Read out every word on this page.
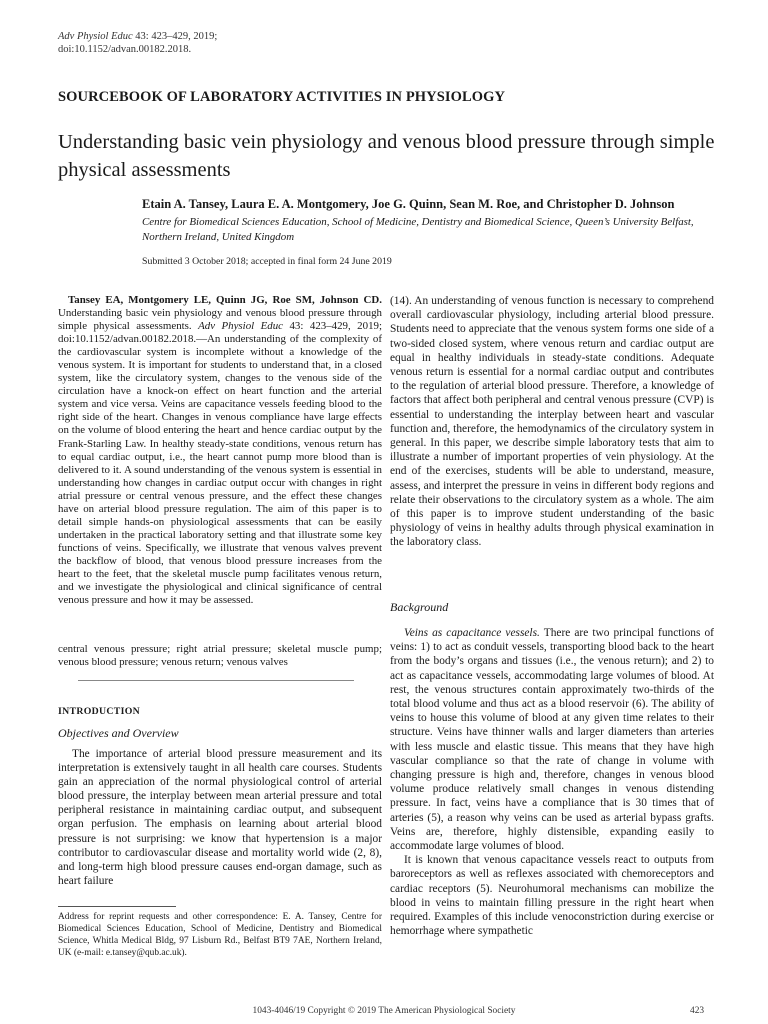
Adv Physiol Educ 43: 423–429, 2019;
doi:10.1152/advan.00182.2018.
SOURCEBOOK OF LABORATORY ACTIVITIES IN PHYSIOLOGY
Understanding basic vein physiology and venous blood pressure through simple physical assessments
Etain A. Tansey, Laura E. A. Montgomery, Joe G. Quinn, Sean M. Roe, and Christopher D. Johnson
Centre for Biomedical Sciences Education, School of Medicine, Dentistry and Biomedical Science, Queen’s University Belfast, Northern Ireland, United Kingdom
Submitted 3 October 2018; accepted in final form 24 June 2019

Tansey EA, Montgomery LE, Quinn JG, Roe SM, Johnson CD. Understanding basic vein physiology and venous blood pressure through simple physical assessments. Adv Physiol Educ 43: 423–429, 2019; doi:10.1152/advan.00182.2018.—An understanding of the complexity of the cardiovascular system is incomplete without a knowledge of the venous system. It is important for students to understand that, in a closed system, like the circulatory system, changes to the venous side of the circulation have a knock-on effect on heart function and the arterial system and vice versa. Veins are capacitance vessels feeding blood to the right side of the heart. Changes in venous compliance have large effects on the volume of blood entering the heart and hence cardiac output by the Frank-Starling Law. In healthy steady-state conditions, venous return has to equal cardiac output, i.e., the heart cannot pump more blood than is delivered to it. A sound understanding of the venous system is essential in understanding how changes in cardiac output occur with changes in right atrial pressure or central venous pressure, and the effect these changes have on arterial blood pressure regulation. The aim of this paper is to detail simple hands-on physiological assessments that can be easily undertaken in the practical laboratory setting and that illustrate some key functions of veins. Specifically, we illustrate that venous valves prevent the backflow of blood, that venous blood pressure increases from the heart to the feet, that the skeletal muscle pump facilitates venous return, and we investigate the physiological and clinical significance of central venous pressure and how it may be assessed.

central venous pressure; right atrial pressure; skeletal muscle pump; venous blood pressure; venous return; venous valves
INTRODUCTION
Objectives and Overview

The importance of arterial blood pressure measurement and its interpretation is extensively taught in all health care courses. Students gain an appreciation of the normal physiological control of arterial blood pressure, the interplay between mean arterial pressure and total peripheral resistance in maintaining cardiac output, and subsequent organ perfusion. The emphasis on learning about arterial blood pressure is not surprising: we know that hypertension is a major contributor to cardiovascular disease and mortality world wide (2, 8), and long-term high blood pressure causes end-organ damage, such as heart failure

Address for reprint requests and other correspondence: E. A. Tansey, Centre for Biomedical Sciences Education, School of Medicine, Dentistry and Biomedical Science, Whitla Medical Bldg, 97 Lisburn Rd., Belfast BT9 7AE, Northern Ireland, UK (e-mail: e.tansey@qub.ac.uk).
(14). An understanding of venous function is necessary to comprehend overall cardiovascular physiology, including arterial blood pressure. Students need to appreciate that the venous system forms one side of a two-sided closed system, where venous return and cardiac output are equal in healthy individuals in steady-state conditions. Adequate venous return is essential for a normal cardiac output and contributes to the regulation of arterial blood pressure. Therefore, a knowledge of factors that affect both peripheral and central venous pressure (CVP) is essential to understanding the interplay between heart and vascular function and, therefore, the hemodynamics of the circulatory system in general. In this paper, we describe simple laboratory tests that aim to illustrate a number of important properties of vein physiology. At the end of the exercises, students will be able to understand, measure, assess, and interpret the pressure in veins in different body regions and relate their observations to the circulatory system as a whole. The aim of this paper is to improve student understanding of the basic physiology of veins in healthy adults through physical examination in the laboratory class.
Background

Veins as capacitance vessels. There are two principal functions of veins: 1) to act as conduit vessels, transporting blood back to the heart from the body’s organs and tissues (i.e., the venous return); and 2) to act as capacitance vessels, accommodating large volumes of blood. At rest, the venous structures contain approximately two-thirds of the total blood volume and thus act as a blood reservoir (6). The ability of veins to house this volume of blood at any given time relates to their structure. Veins have thinner walls and larger diameters than arteries with less muscle and elastic tissue. This means that they have high vascular compliance so that the rate of change in volume with changing pressure is high and, therefore, changes in venous blood volume produce relatively small changes in venous distending pressure. In fact, veins have a compliance that is 30 times that of arteries (5), a reason why veins can be used as arterial bypass grafts. Veins are, therefore, highly distensible, expanding easily to accommodate large volumes of blood.

It is known that venous capacitance vessels react to outputs from baroreceptors as well as reflexes associated with chemoreceptors and cardiac receptors (5). Neurohumoral mechanisms can mobilize the blood in veins to maintain filling pressure in the right heart when required. Examples of this include venoconstriction during exercise or hemorrhage where sympathetic

1043-4046/19 Copyright © 2019 The American Physiological Society	423
